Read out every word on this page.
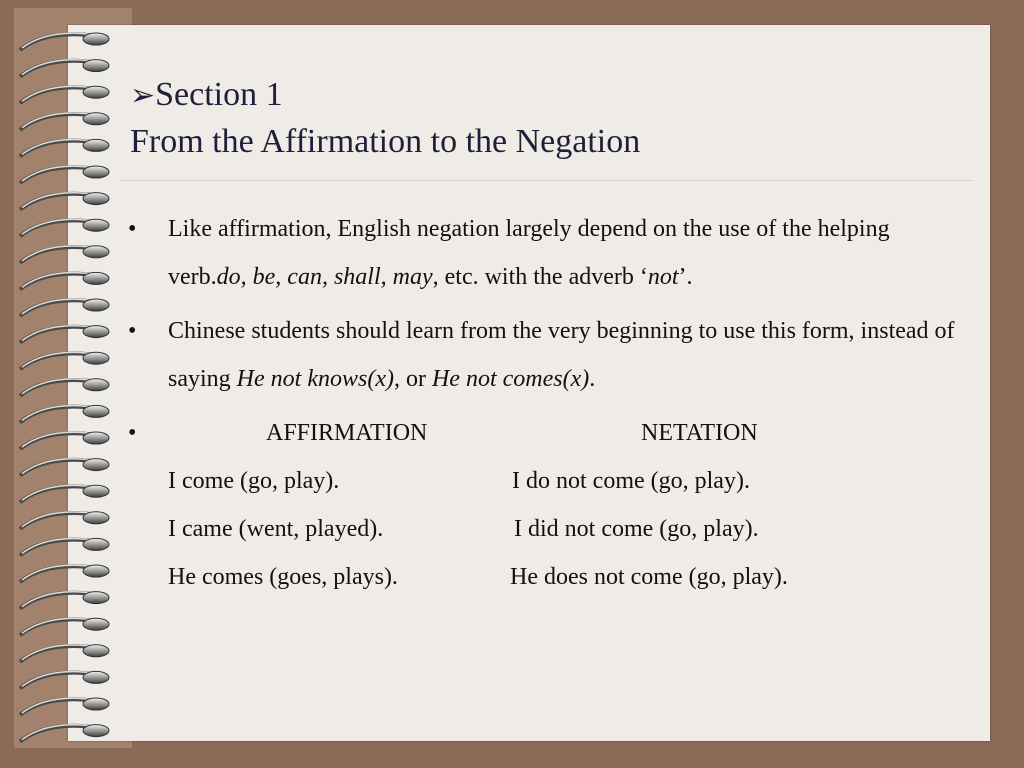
➢Section 1
From the Affirmation to the Negation
• Like affirmation, English negation largely depend on the use of the helping verb.do, be, can, shall, may, etc. with the adverb ‘not’.
• Chinese students should learn from the very beginning to use this form, instead of saying He not knows(x), or He not comes(x).
•	AFFIRMATION	NETATION
I come (go, play).	I do not come (go, play).
I came (went, played).	I did not come (go, play).
He comes (goes, plays).	He does not come (go, play).
